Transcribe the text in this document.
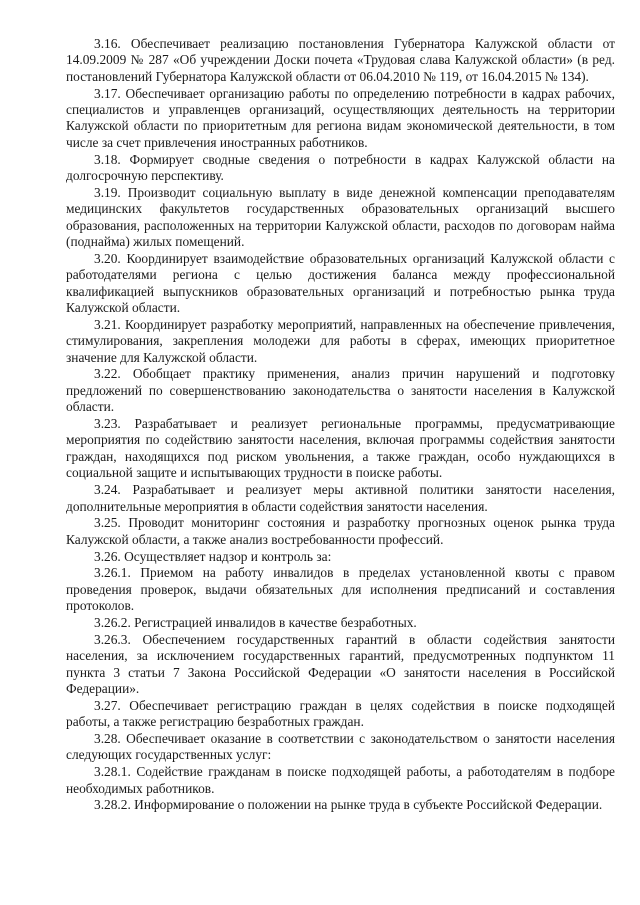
3.16. Обеспечивает реализацию постановления Губернатора Калужской области от 14.09.2009 № 287 «Об учреждении Доски почета «Трудовая слава Калужской области» (в ред. постановлений Губернатора Калужской области от 06.04.2010 № 119, от 16.04.2015 № 134).

3.17. Обеспечивает организацию работы по определению потребности в кадрах рабочих, специалистов и управленцев организаций, осуществляющих деятельность на территории Калужской области по приоритетным для региона видам экономической деятельности, в том числе за счет привлечения иностранных работников.

3.18. Формирует сводные сведения о потребности в кадрах Калужской области на долгосрочную перспективу.

3.19. Производит социальную выплату в виде денежной компенсации преподавателям медицинских факультетов государственных образовательных организаций высшего образования, расположенных на территории Калужской области, расходов по договорам найма (поднайма) жилых помещений.

3.20. Координирует взаимодействие образовательных организаций Калужской области с работодателями региона с целью достижения баланса между профессиональной квалификацией выпускников образовательных организаций и потребностью рынка труда Калужской области.

3.21. Координирует разработку мероприятий, направленных на обеспечение привлечения, стимулирования, закрепления молодежи для работы в сферах, имеющих приоритетное значение для Калужской области.

3.22. Обобщает практику применения, анализ причин нарушений и подготовку предложений по совершенствованию законодательства о занятости населения в Калужской области.

3.23. Разрабатывает и реализует региональные программы, предусматривающие мероприятия по содействию занятости населения, включая программы содействия занятости граждан, находящихся под риском увольнения, а также граждан, особо нуждающихся в социальной защите и испытывающих трудности в поиске работы.

3.24. Разрабатывает и реализует меры активной политики занятости населения, дополнительные мероприятия в области содействия занятости населения.

3.25. Проводит мониторинг состояния и разработку прогнозных оценок рынка труда Калужской области, а также анализ востребованности профессий.

3.26. Осуществляет надзор и контроль за:

3.26.1. Приемом на работу инвалидов в пределах установленной квоты с правом проведения проверок, выдачи обязательных для исполнения предписаний и составления протоколов.

3.26.2. Регистрацией инвалидов в качестве безработных.

3.26.3. Обеспечением государственных гарантий в области содействия занятости населения, за исключением государственных гарантий, предусмотренных подпунктом 11 пункта 3 статьи 7 Закона Российской Федерации «О занятости населения в Российской Федерации».

3.27. Обеспечивает регистрацию граждан в целях содействия в поиске подходящей работы, а также регистрацию безработных граждан.

3.28. Обеспечивает оказание в соответствии с законодательством о занятости населения следующих государственных услуг:

3.28.1. Содействие гражданам в поиске подходящей работы, а работодателям в подборе необходимых работников.

3.28.2. Информирование о положении на рынке труда в субъекте Российской Федерации.
